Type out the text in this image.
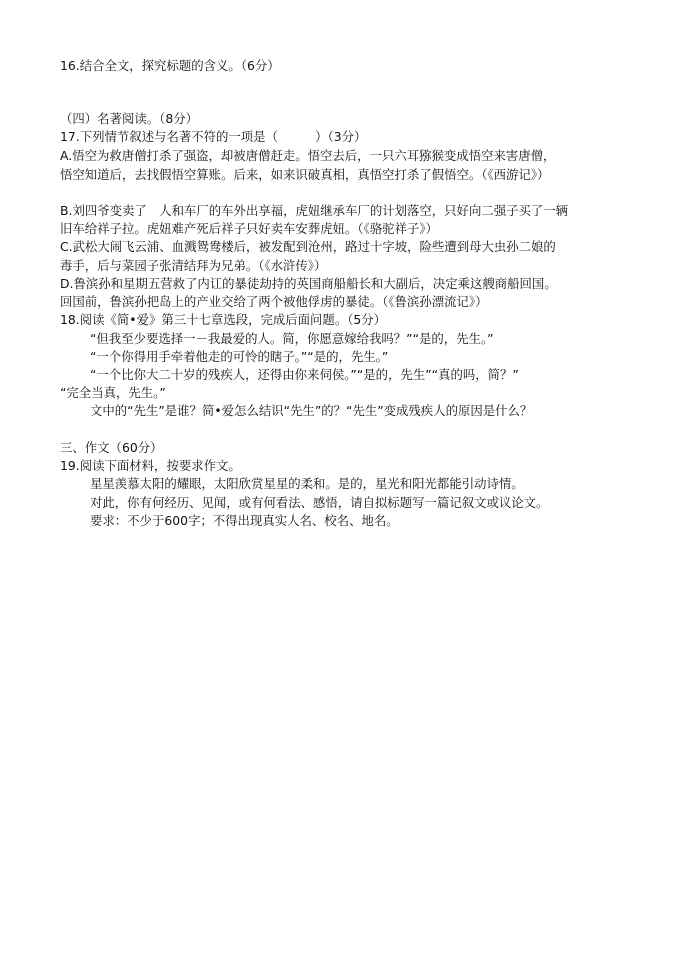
16.结合全文，探究标题的含义。（6分）
（四）名著阅读。（8分）
17.下列情节叙述与名著不符的一项是（　　　）（3分）
A.悟空为救唐僧打杀了强盗，却被唐僧赶走。悟空去后，一只六耳猕猴变成悟空来害唐僧，
悟空知道后，去找假悟空算账。后来，如来识破真相，真悟空打杀了假悟空。（《西游记》）
B.刘四爷变卖了　人和车厂的车外出享福，虎妞继承车厂的计划落空，只好向二强子买了一辆
旧车给祥子拉。虎妞难产死后祥子只好卖车安葬虎妞。（《骆驼祥子》）
C.武松大闹飞云浦、血溅鸳鸯楼后，被发配到沧州，路过十字坡，险些遭到母大虫孙二娘的
毒手，后与菜园子张清结拜为兄弟。（《水浒传》）
D.鲁滨孙和星期五营救了内讧的暴徒劫持的英国商船船长和大副后，决定乘这艘商船回国。
回国前，鲁滨孙把岛上的产业交给了两个被他俘虏的暴徒。（《鲁滨孙漂流记》）
18.阅读《简•爱》第三十七章选段，完成后面问题。（5分）
“但我至少要选择一－我最爱的人。简，你愿意嫁给我吗？”“是的，先生。”
“一个你得用手牵着他走的可怜的瞎子。”“是的，先生。”
“一个比你大二十岁的残疾人，还得由你来伺侯。”“是的，先生”“真的吗，简？”
“完全当真，先生。”
文中的“先生”是谁？简•爱怎么结识“先生”的？“先生”变成残疾人的原因是什么？
三、作文（60分）
19.阅读下面材料，按要求作文。
星星羡慕太阳的耀眼，太阳欣赏星星的柔和。是的，星光和阳光都能引动诗情。
对此，你有何经历、见闻，或有何看法、感悟，请自拟标题写一篇记叙文或议论文。
要求：不少于600字；不得出现真实人名、校名、地名。
